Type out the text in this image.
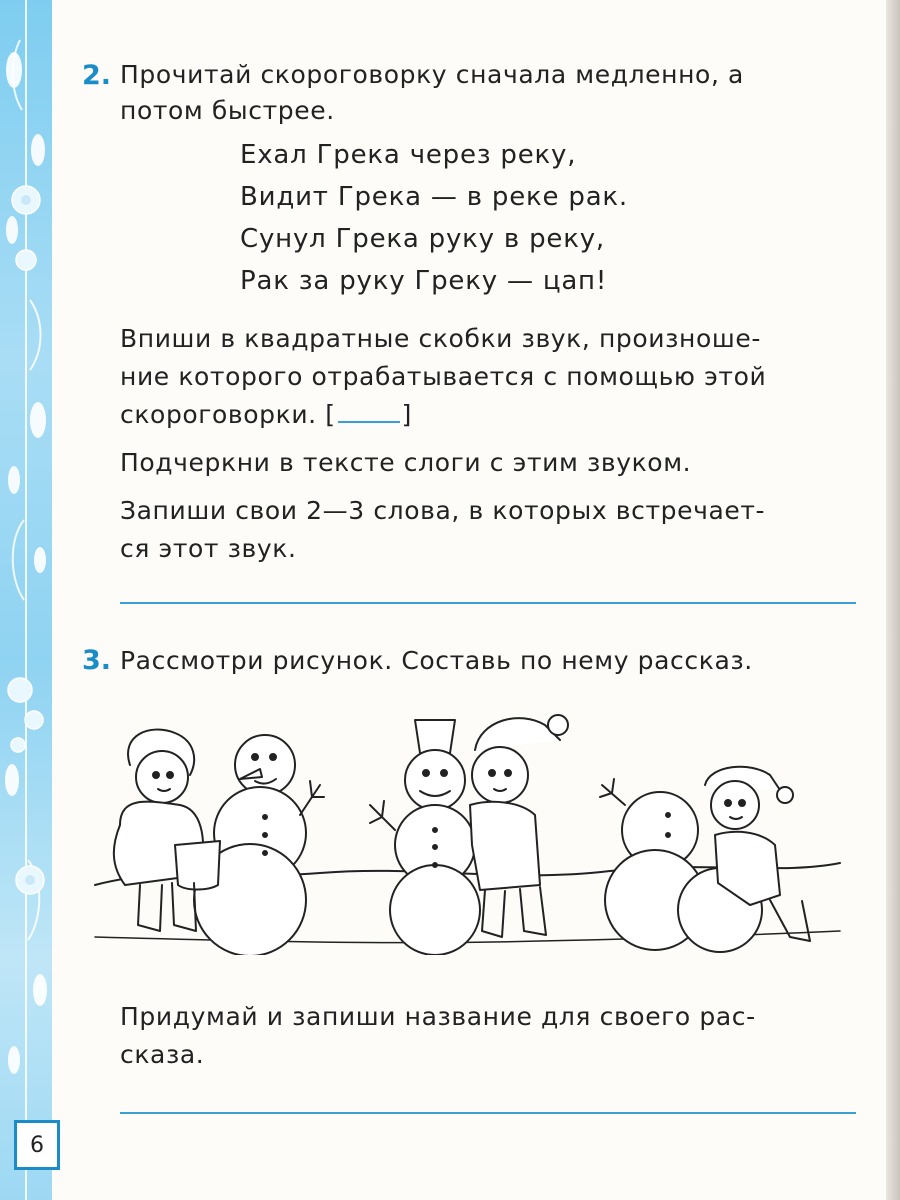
2. Прочитай скороговорку сначала медленно, а
потом быстрее.
Ехал Грека через реку,
Видит Грека — в реке рак.
Сунул Грека руку в реку,
Рак за руку Греку — цап!
Впиши в квадратные скобки звук, произноше-
ние которого отрабатывается с помощью этой
скороговорки. [	]
Подчеркни в тексте слоги с этим звуком.
Запиши свои 2—3 слова, в которых встречает-
ся этот звук.
3. Рассмотри рисунок. Составь по нему рассказ.
Придумай и запиши название для своего рас-
сказа.
6
